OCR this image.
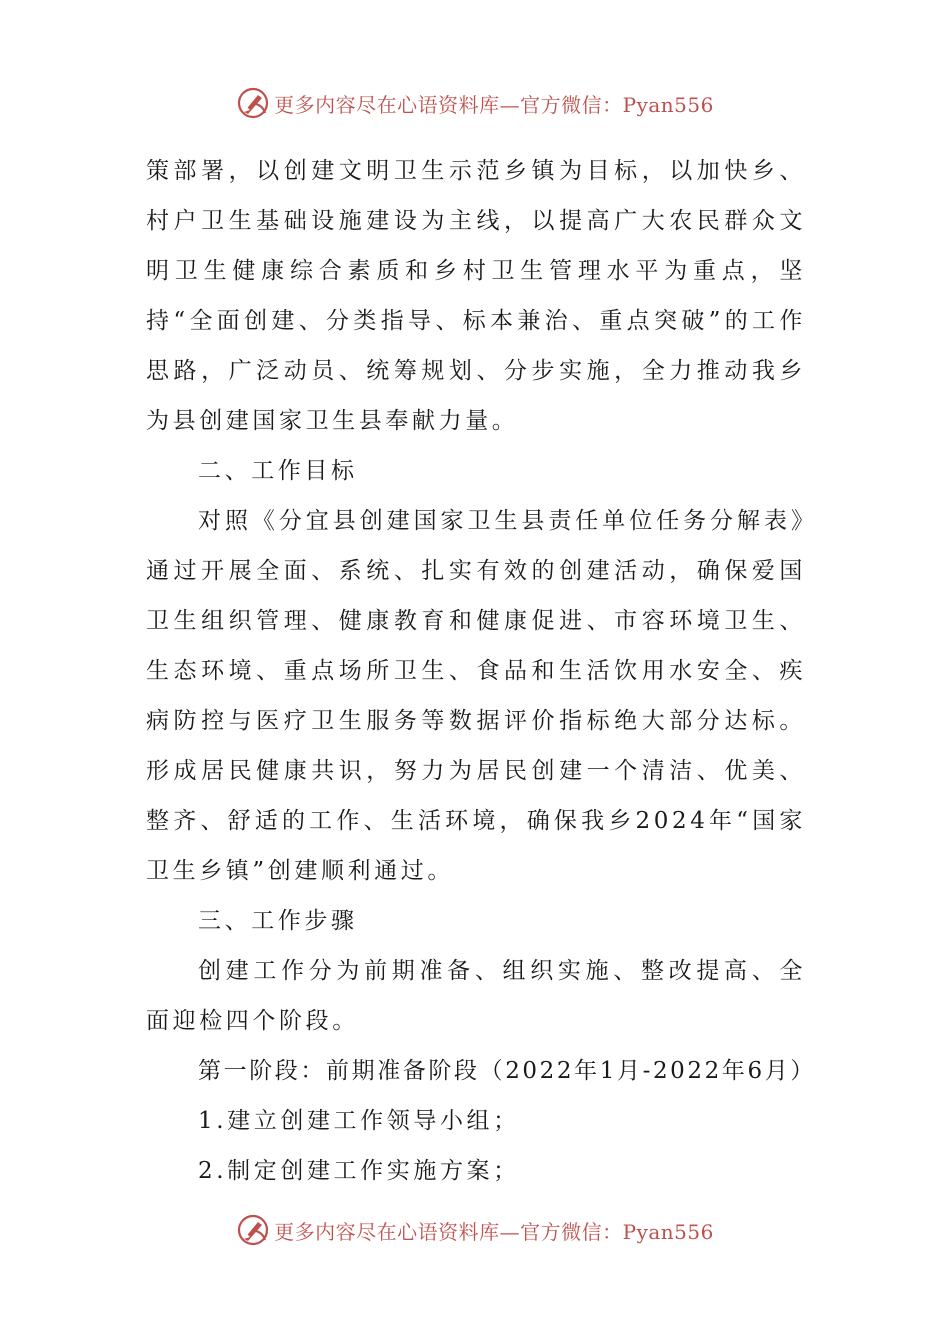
更多内容尽在心语资料库—官方微信：Pyan556

策部署，以创建文明卫生示范乡镇为目标，以加快乡、村户卫生基础设施建设为主线，以提高广大农民群众文明卫生健康综合素质和乡村卫生管理水平为重点，坚持“全面创建、分类指导、标本兼治、重点突破”的工作思路，广泛动员、统筹规划、分步实施，全力推动我乡为县创建国家卫生县奉献力量。

二、工作目标

对照《分宜县创建国家卫生县责任单位任务分解表》通过开展全面、系统、扎实有效的创建活动，确保爱国卫生组织管理、健康教育和健康促进、市容环境卫生、生态环境、重点场所卫生、食品和生活饮用水安全、疾病防控与医疗卫生服务等数据评价指标绝大部分达标。形成居民健康共识，努力为居民创建一个清洁、优美、整齐、舒适的工作、生活环境，确保我乡2024年“国家卫生乡镇”创建顺利通过。

三、工作步骤

创建工作分为前期准备、组织实施、整改提高、全面迎检四个阶段。

第一阶段：前期准备阶段（2022年1月-2022年6月）

1.建立创建工作领导小组；

2.制定创建工作实施方案；

更多内容尽在心语资料库—官方微信：Pyan556
